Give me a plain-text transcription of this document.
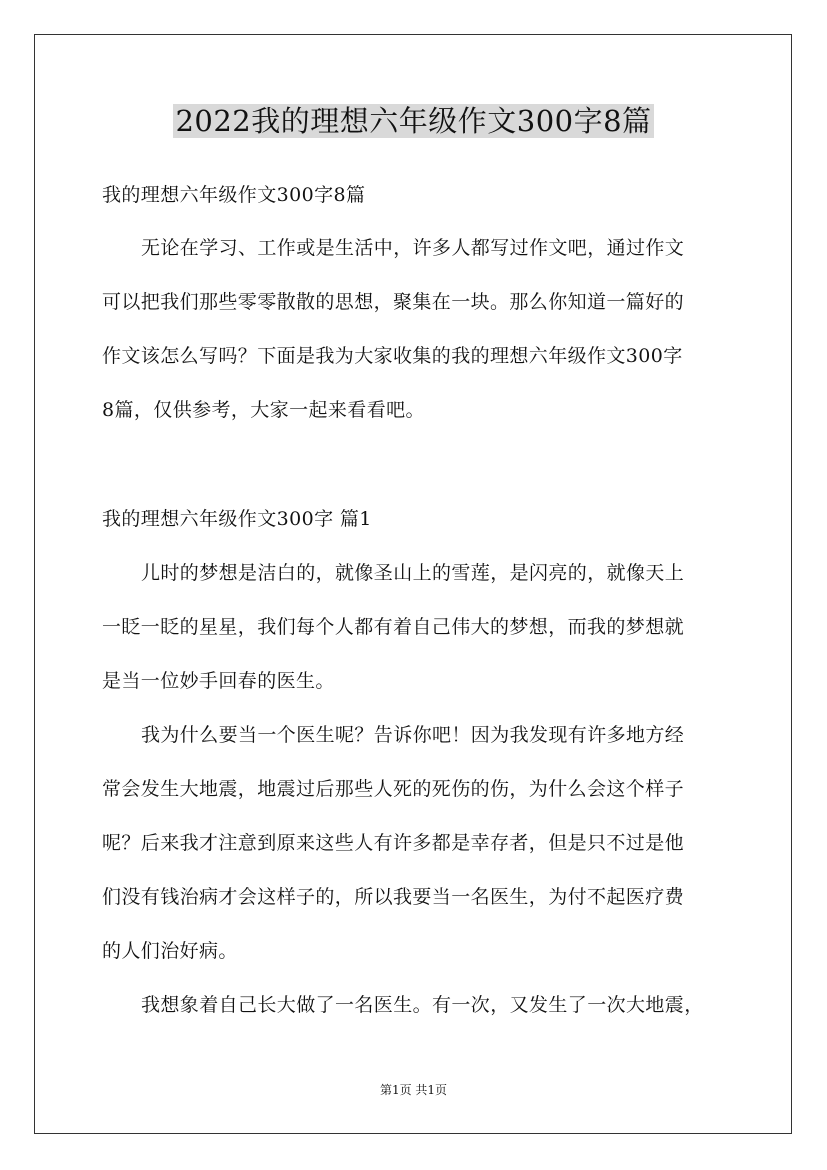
2022我的理想六年级作文300字8篇
我的理想六年级作文300字8篇
无论在学习、工作或是生活中，许多人都写过作文吧，通过作文
可以把我们那些零零散散的思想，聚集在一块。那么你知道一篇好的
作文该怎么写吗？下面是我为大家收集的我的理想六年级作文300字
8篇，仅供参考，大家一起来看看吧。
我的理想六年级作文300字 篇1
儿时的梦想是洁白的，就像圣山上的雪莲，是闪亮的，就像天上
一眨一眨的星星，我们每个人都有着自己伟大的梦想，而我的梦想就
是当一位妙手回春的医生。
我为什么要当一个医生呢？告诉你吧！因为我发现有许多地方经
常会发生大地震，地震过后那些人死的死伤的伤，为什么会这个样子
呢？后来我才注意到原来这些人有许多都是幸存者，但是只不过是他
们没有钱治病才会这样子的，所以我要当一名医生，为付不起医疗费
的人们治好病。
我想象着自己长大做了一名医生。有一次，又发生了一次大地震，
第1页 共1页
